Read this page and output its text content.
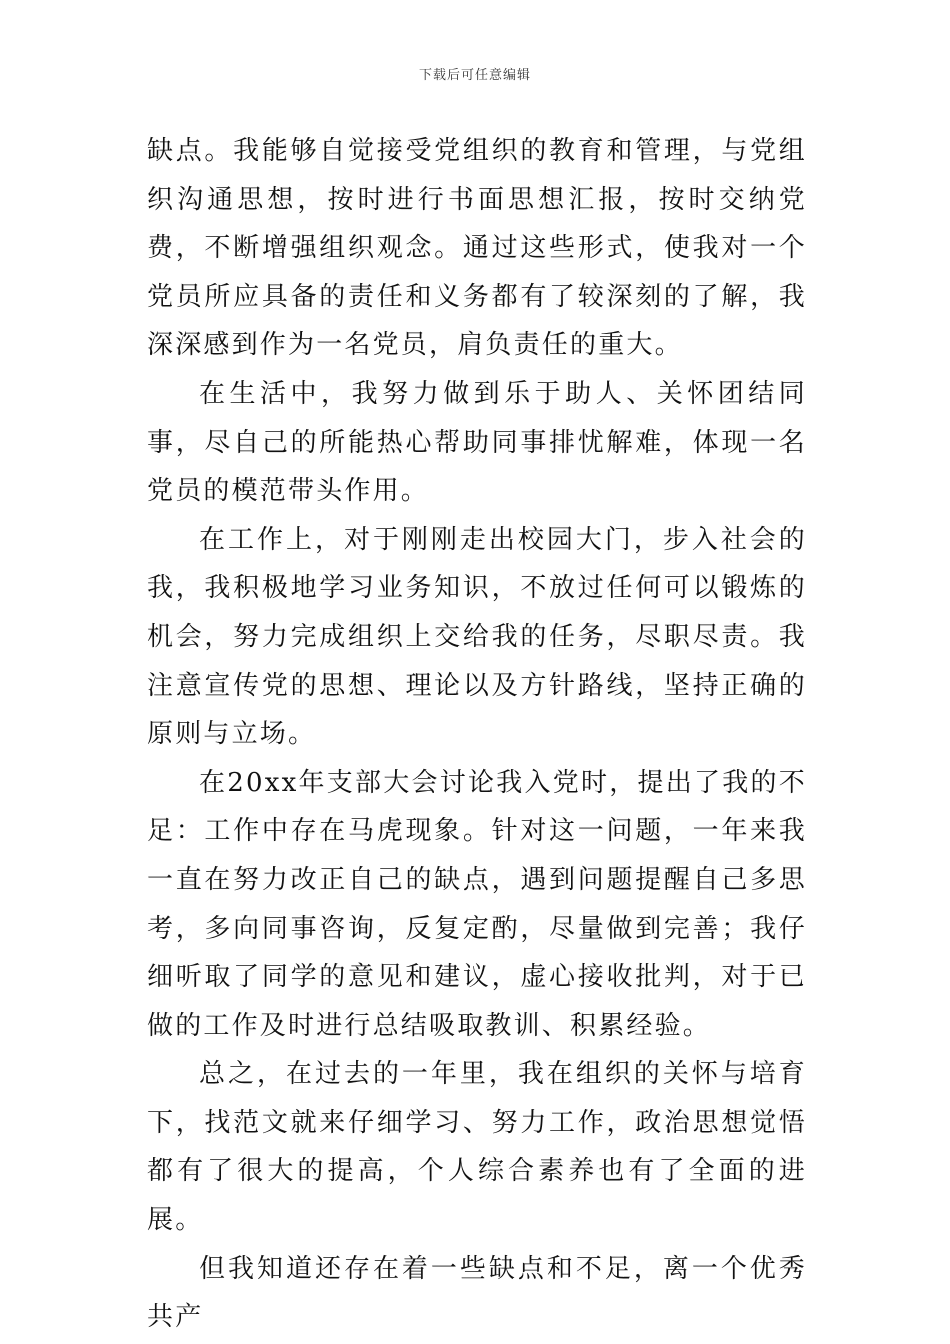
下载后可任意编辑

缺点。我能够自觉接受党组织的教育和管理，与党组织沟通思想，按时进行书面思想汇报，按时交纳党费，不断增强组织观念。通过这些形式，使我对一个党员所应具备的责任和义务都有了较深刻的了解，我深深感到作为一名党员，肩负责任的重大。

在生活中，我努力做到乐于助人、关怀团结同事，尽自己的所能热心帮助同事排忧解难，体现一名党员的模范带头作用。

在工作上，对于刚刚走出校园大门，步入社会的我，我积极地学习业务知识，不放过任何可以锻炼的机会，努力完成组织上交给我的任务，尽职尽责。我注意宣传党的思想、理论以及方针路线，坚持正确的原则与立场。

在20xx年支部大会讨论我入党时，提出了我的不足：工作中存在马虎现象。针对这一问题，一年来我一直在努力改正自己的缺点，遇到问题提醒自己多思考，多向同事咨询，反复定酌，尽量做到完善；我仔细听取了同学的意见和建议，虚心接收批判，对于已做的工作及时进行总结吸取教训、积累经验。

总之，在过去的一年里，我在组织的关怀与培育下，找范文就来仔细学习、努力工作，政治思想觉悟都有了很大的提高，个人综合素养也有了全面的进展。

但我知道还存在着一些缺点和不足，离一个优秀共产
